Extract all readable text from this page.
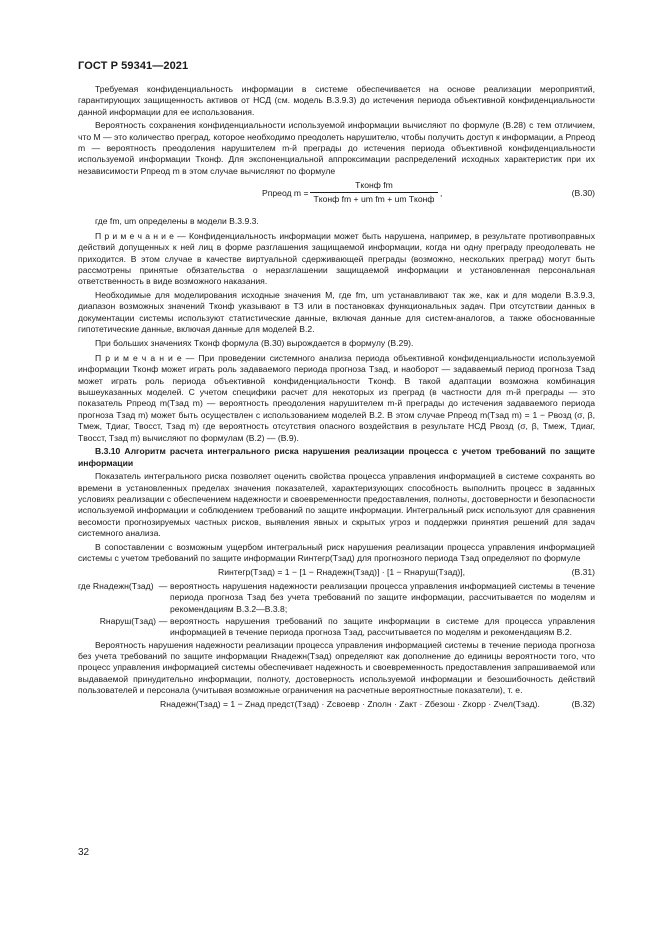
ГОСТ Р 59341—2021

Требуемая конфиденциальность информации в системе обеспечивается на основе реализации мероприятий, гарантирующих защищенность активов от НСД (см. модель В.3.9.3) до истечения периода объективной конфиденциальности данной информации для ее использования.

Вероятность сохранения конфиденциальности используемой информации вычисляют по формуле (В.28) с тем отличием, что M — это количество преград, которое необходимо преодолеть нарушителю, чтобы получить доступ к информации, а Pпреод m — вероятность преодоления нарушителем m-й преграды до истечения периода объективной конфиденциальности используемой информации Tконф. Для экспоненциальной аппроксимации распределений исходных характеристик при их независимости Pпреод m в этом случае вычисляют по формуле

Pпреод m =
Tконф fm
Tконф fm + um fm + um Tконф
,	(В.30)

где fm, um определены в модели В.3.9.3.

П р и м е ч а н и е — Конфиденциальность информации может быть нарушена, например, в результате противоправных действий допущенных к ней лиц в форме разглашения защищаемой информации, когда ни одну преграду преодолевать не приходится. В этом случае в качестве виртуальной сдерживающей преграды (возможно, нескольких преград) могут быть рассмотрены принятые обязательства о неразглашении защищаемой информации и установленная персональная ответственность в виде возможного наказания.

Необходимые для моделирования исходные значения M, где fm, um устанавливают так же, как и для модели В.3.9.3, диапазон возможных значений Tконф указывают в ТЗ или в постановках функциональных задач. При отсутствии данных в документации системы используют статистические данные, включая данные для систем-аналогов, а также обоснованные гипотетические данные, включая данные для моделей В.2.

При больших значениях Tконф формула (В.30) вырождается в формулу (В.29).

П р и м е ч а н и е — При проведении системного анализа периода объективной конфиденциальности используемой информации Tконф может играть роль задаваемого периода прогноза Tзад, и наоборот — задаваемый период прогноза Tзад может играть роль периода объективной конфиденциальности Tконф. В такой адаптации возможна комбинация вышеуказанных моделей. С учетом специфики расчет для некоторых из преград (в частности для m-й преграды — это показатель Pпреод m(Tзад m) — вероятность преодоления нарушителем m-й преграды до истечения задаваемого периода прогноза Tзад m) может быть осуществлен с использованием моделей В.2. В этом случае Pпреод m(Tзад m) = 1 − Pвозд (σ, β, Tмеж, Tдиаг, Tвосст, Tзад m) где вероятность отсутствия опасного воздействия в результате НСД Pвозд (σ, β, Tмеж, Tдиаг, Tвосст, Tзад m) вычисляют по формулам (В.2) — (В.9).

В.3.10 Алгоритм расчета интегрального риска нарушения реализации процесса с учетом требований по защите информации

Показатель интегрального риска позволяет оценить свойства процесса управления информацией в системе сохранять во времени в установленных пределах значения показателей, характеризующих способность выполнить процесс в заданных условиях реализации с обеспечением надежности и своевременности предоставления, полноты, достоверности и безопасности используемой информации и соблюдением требований по защите информации. Интегральный риск используют для сравнения весомости прогнозируемых частных рисков, выявления явных и скрытых угроз и поддержки принятия решений для задач системного анализа.

В сопоставлении с возможным ущербом интегральный риск нарушения реализации процесса управления информацией системы с учетом требований по защите информации Rинтегр(Tзад) для прогнозного периода Tзад определяют по формуле

Rинтегр(Tзад) = 1 − [1 − Rнадежн(Tзад)] · [1 − Rнаруш(Tзад)],	(В.31)
где Rнадежн(Tзад) — вероятность нарушения надежности реализации процесса управления информацией системы в течение периода прогноза Tзад без учета требований по защите информации, рассчитывается по моделям и рекомендациям В.3.2—В.3.8;
Rнаруш(Tзад) — вероятность нарушения требований по защите информации в системе для процесса управления информацией в течение периода прогноза Tзад, рассчитывается по моделям и рекомендациям В.2.

Вероятность нарушения надежности реализации процесса управления информацией системы в течение периода прогноза без учета требований по защите информации Rнадежн(Tзад) определяют как дополнение до единицы вероятности того, что процесс управления информацией системы обеспечивает надежность и своевременность предоставления запрашиваемой или выдаваемой принудительно информации, полноту, достоверность используемой информации и безошибочность действий пользователей и персонала (учитывая возможные ограничения на расчетные вероятностные показатели), т. е.

Rнадежн(Tзад) = 1 − Zнад предст(Tзад) · Zсвоевр · Zполн · Zакт · Zбезош · Zкорр · Zчел(Tзад).	(В.32)
32
